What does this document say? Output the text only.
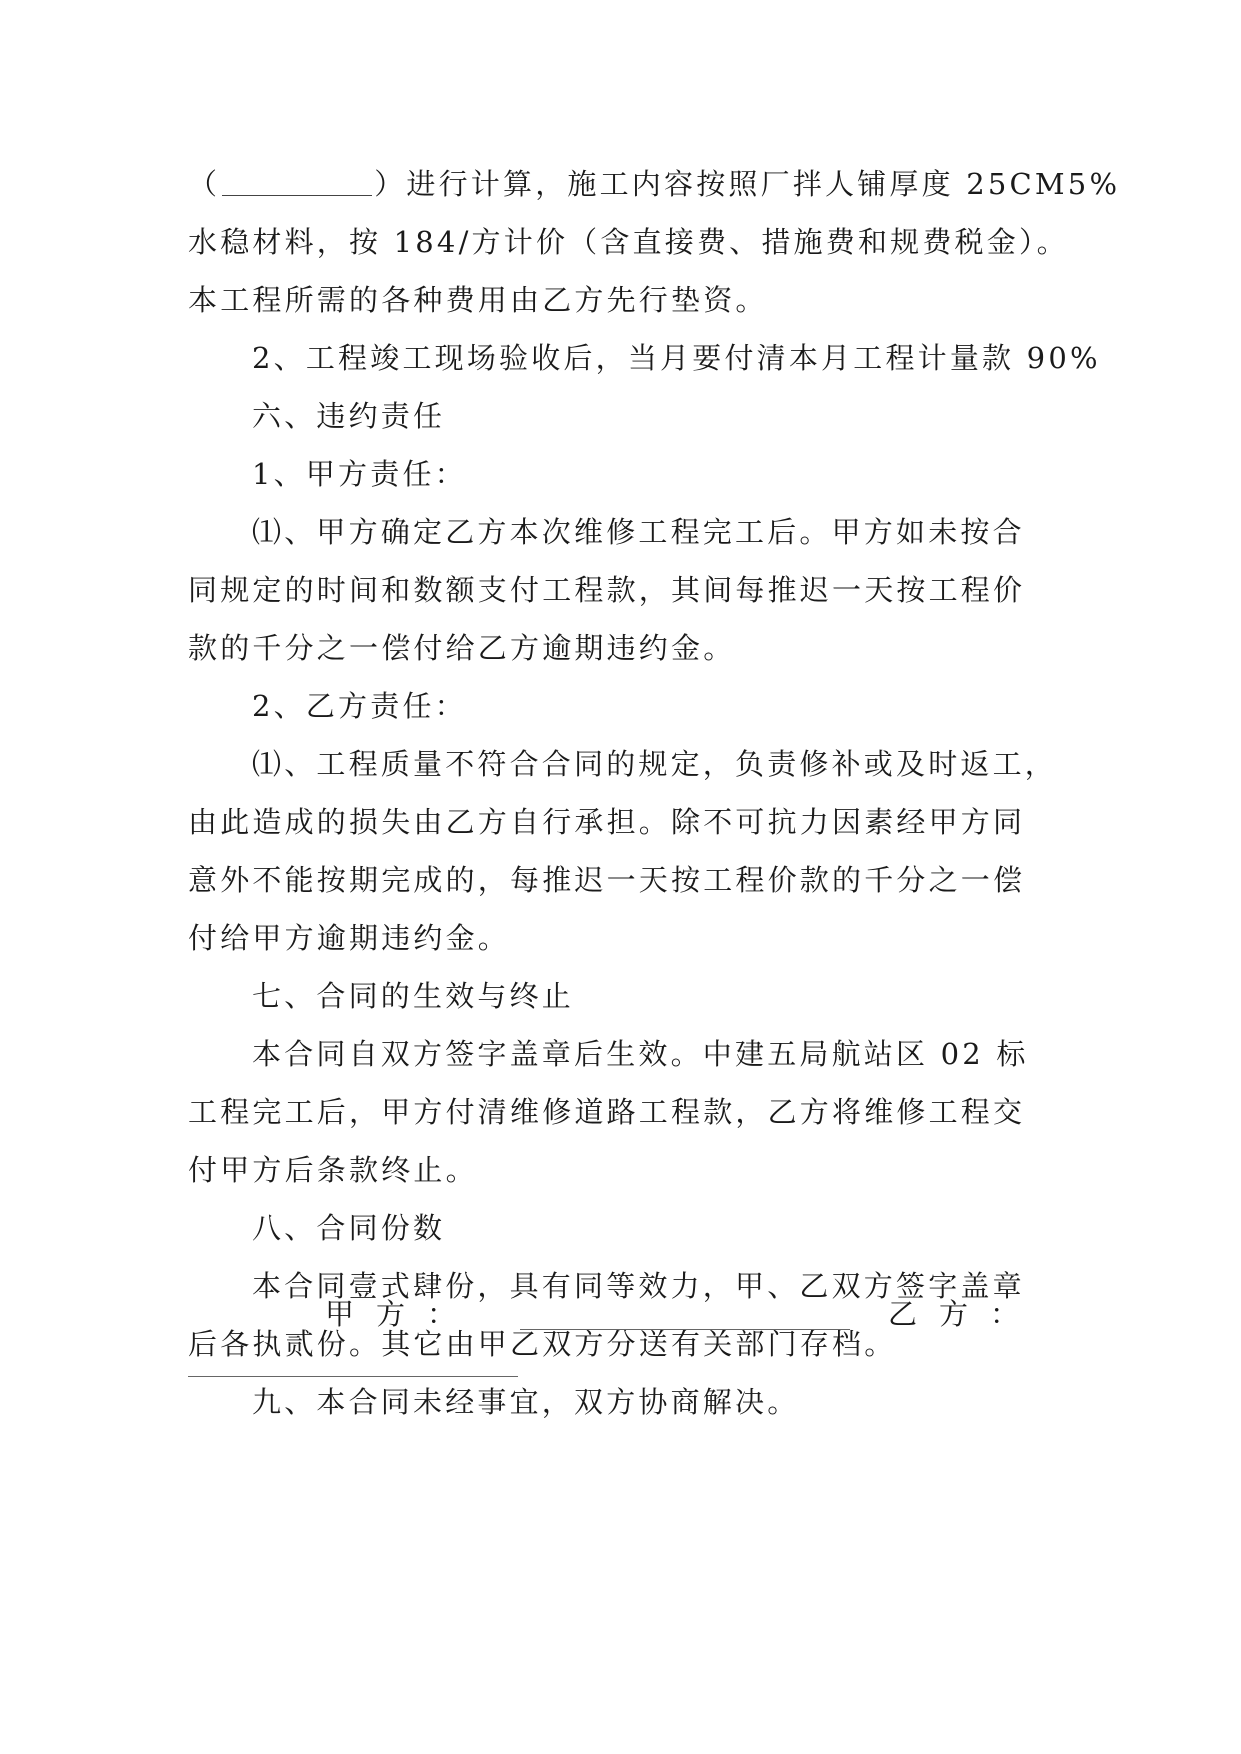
（	）进行计算，施工内容按照厂拌人铺厚度 25CM5%
水稳材料，按 184/方计价（含直接费、措施费和规费税金）。
本工程所需的各种费用由乙方先行垫资。
2、工程竣工现场验收后，当月要付清本月工程计量款 90%
六、违约责任
1、甲方责任：
⑴、甲方确定乙方本次维修工程完工后。甲方如未按合
同规定的时间和数额支付工程款，其间每推迟一天按工程价
款的千分之一偿付给乙方逾期违约金。
2、乙方责任：
⑴、工程质量不符合合同的规定，负责修补或及时返工，
由此造成的损失由乙方自行承担。除不可抗力因素经甲方同
意外不能按期完成的，每推迟一天按工程价款的千分之一偿
付给甲方逾期违约金。
七、合同的生效与终止
本合同自双方签字盖章后生效。中建五局航站区 02 标
工程完工后，甲方付清维修道路工程款，乙方将维修工程交
付甲方后条款终止。
八、合同份数
本合同壹式肆份，具有同等效力，甲、乙双方签字盖章
后各执贰份。其它由甲乙双方分送有关部门存档。
九、本合同未经事宜，双方协商解决。
甲方：	乙方：
